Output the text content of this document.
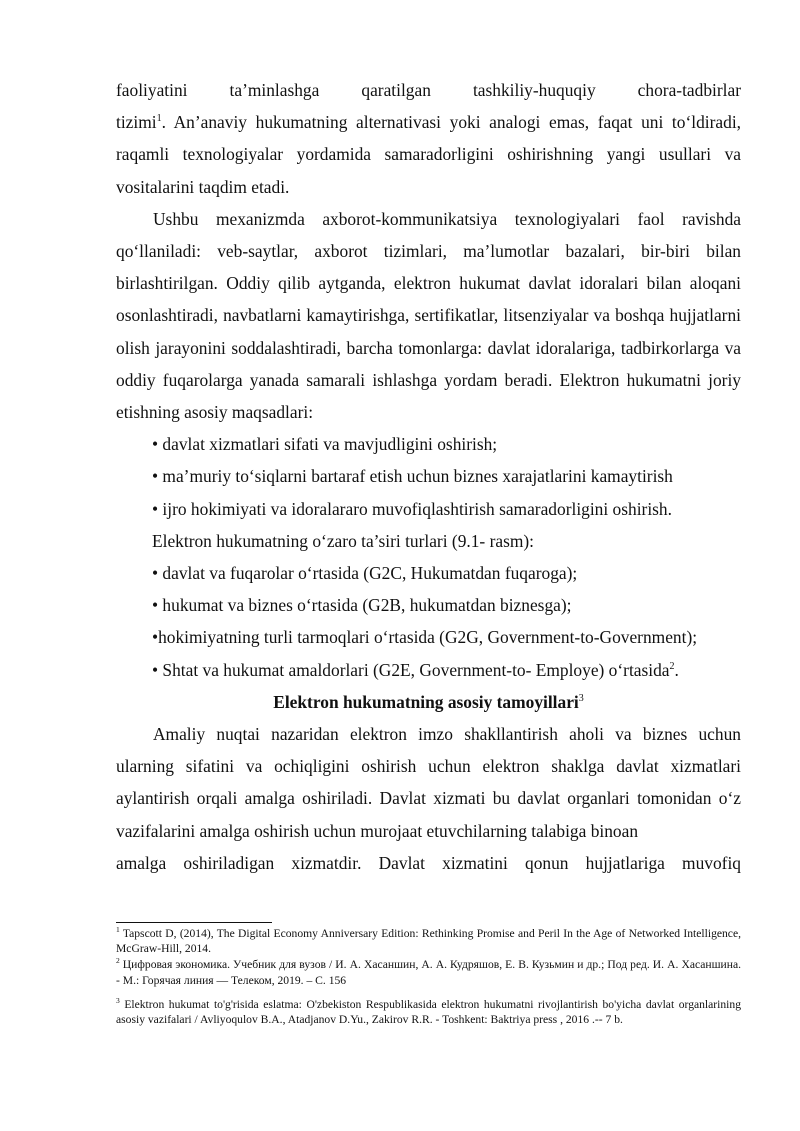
faoliyatini ta’minlashga qaratilgan tashkiliy-huquqiy chora-tadbirlar

tizimi$^1$. An’anaviy hukumatning alternativasi yoki analogi emas, faqat uni to‘ldiradi, raqamli texnologiyalar yordamida samaradorligini oshirishning yangi usullari va vositalarini taqdim etadi.

Ushbu mexanizmda axborot-kommunikatsiya texnologiyalari faol ravishda qo‘llaniladi: veb-saytlar, axborot tizimlari, ma’lumotlar bazalari, bir-biri bilan birlashtirilgan. Oddiy qilib aytganda, elektron hukumat davlat idoralari bilan aloqani osonlashtiradi, navbatlarni kamaytirishga, sertifikatlar, litsenziyalar va boshqa hujjatlarni olish jarayonini soddalashtiradi, barcha tomonlarga: davlat idoralariga, tadbirkorlarga va oddiy fuqarolarga yanada samarali ishlashga yordam beradi. Elektron hukumatni joriy etishning asosiy maqsadlari:

• davlat xizmatlari sifati va mavjudligini oshirish;

• ma’muriy to‘siqlarni bartaraf etish uchun biznes xarajatlarini kamaytirish

• ijro hokimiyati va idoralararo muvofiqlashtirish samaradorligini oshirish.

Elektron hukumatning o‘zaro ta’siri turlari (9.1- rasm):

• davlat va fuqarolar o‘rtasida (G2C, Hukumatdan fuqaroga);

• hukumat va biznes o‘rtasida (G2B, hukumatdan biznesga);

•hokimiyatning turli tarmoqlari o‘rtasida (G2G, Government-to-Government);

• Shtat va hukumat amaldorlari (G2E, Government-to- Employe) o‘rtasida$^2$.

Elektron hukumatning asosiy tamoyillari$^3$

Amaliy nuqtai nazaridan elektron imzo shakllantirish aholi va biznes uchun ularning sifatini va ochiqligini oshirish uchun elektron shaklga davlat xizmatlari aylantirish orqali amalga oshiriladi. Davlat xizmati bu davlat organlari tomonidan o‘z vazifalarini amalga oshirish uchun murojaat etuvchilarning talabiga binoan

amalga oshiriladigan xizmatdir. Davlat xizmatini qonun hujjatlariga muvofiq

$^1$ Tapscott D, (2014), The Digital Economy Anniversary Edition: Rethinking Promise and Peril In the Age of Networked Intelligence, McGraw-Hill, 2014.

$^2$ Цифровая экономика. Учебник для вузов / И. А. Хасаншин, А. А. Кудряшов, Е. В. Кузьмин и др.; Под ред. И. А. Хасаншина. - М.: Горячая линия — Телеком, 2019. – С. 156

$^3$ Elektron hukumat to'g'risida eslatma: O'zbekiston Respublikasida elektron hukumatni rivojlantirish bo'yicha davlat organlarining asosiy vazifalari / Avliyoqulov B.A., Atadjanov D.Yu., Zakirov R.R. - Toshkent: Baktriya press , 2016 .-- 7 b.
